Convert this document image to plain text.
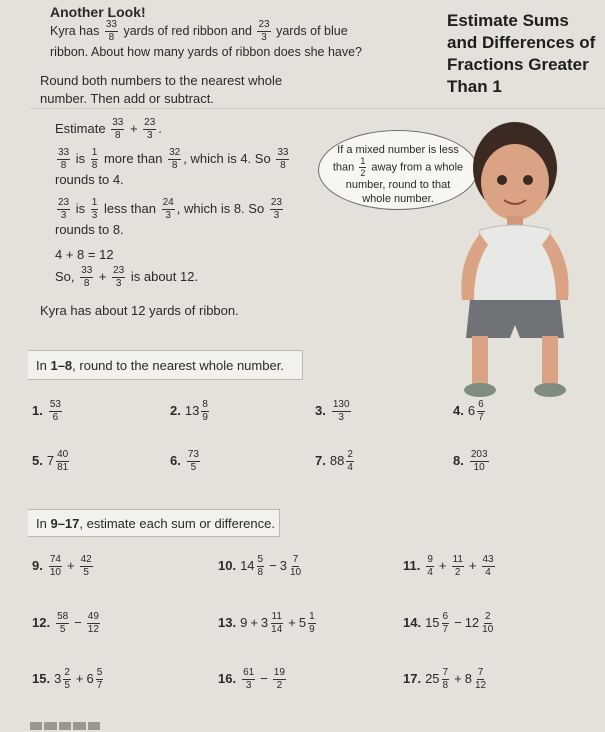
Another Look!	Estimate Sums
and Differences of
Fractions Greater
Than 1
Kyra has $\frac{33}{8}$ yards of red ribbon and $\frac{23}{3}$ yards of blue
ribbon. About how many yards of ribbon does she have?
Round both numbers to the nearest whole
number. Then add or subtract.
Estimate $\frac{33}{8} + \frac{23}{3}$ .
$\frac{33}{8}$ is $\frac{1}{8}$ more than $\frac{32}{8}$ , which is 4. So $\frac{33}{8}$
rounds to 4.
$\frac{23}{3}$ is $\frac{1}{3}$ less than $\frac{24}{3}$ , which is 8. So $\frac{23}{3}$
rounds to 8.
4 + 8 = 12
So, $\frac{33}{8} + \frac{23}{3}$ is about 12.
Kyra has about 12 yards of ribbon.
If a mixed number is less
than $\frac{1}{2}$ away from a whole
number, round to that
whole number.
In 1–8, round to the nearest whole number.
1. $\frac{53}{6}$	2. $13 \frac{8}{9}$	3. $\frac{130}{3}$	4. $6 \frac{6}{7}$
5. $7 \frac{40}{81}$	6. $\frac{73}{5}$	7. $88 \frac{2}{4}$	8. $\frac{203}{10}$
In 9–17, estimate each sum or difference.
9. $\frac{74}{10} + \frac{42}{5}$	10. $14 \frac{5}{8} - 3 \frac{7}{10}$	11. $\frac{9}{4} + \frac{11}{2} + \frac{43}{4}$
12. $\frac{58}{5} - \frac{49}{12}$	13. $9 + 3 \frac{11}{14} + 5 \frac{1}{9}$	14. $15 \frac{6}{7} - 12 \frac{2}{10}$
15. $3 \frac{2}{5} + 6 \frac{5}{7}$	16. $\frac{61}{3} - \frac{19}{2}$	17. $25 \frac{7}{8} + 8 \frac{7}{12}$
